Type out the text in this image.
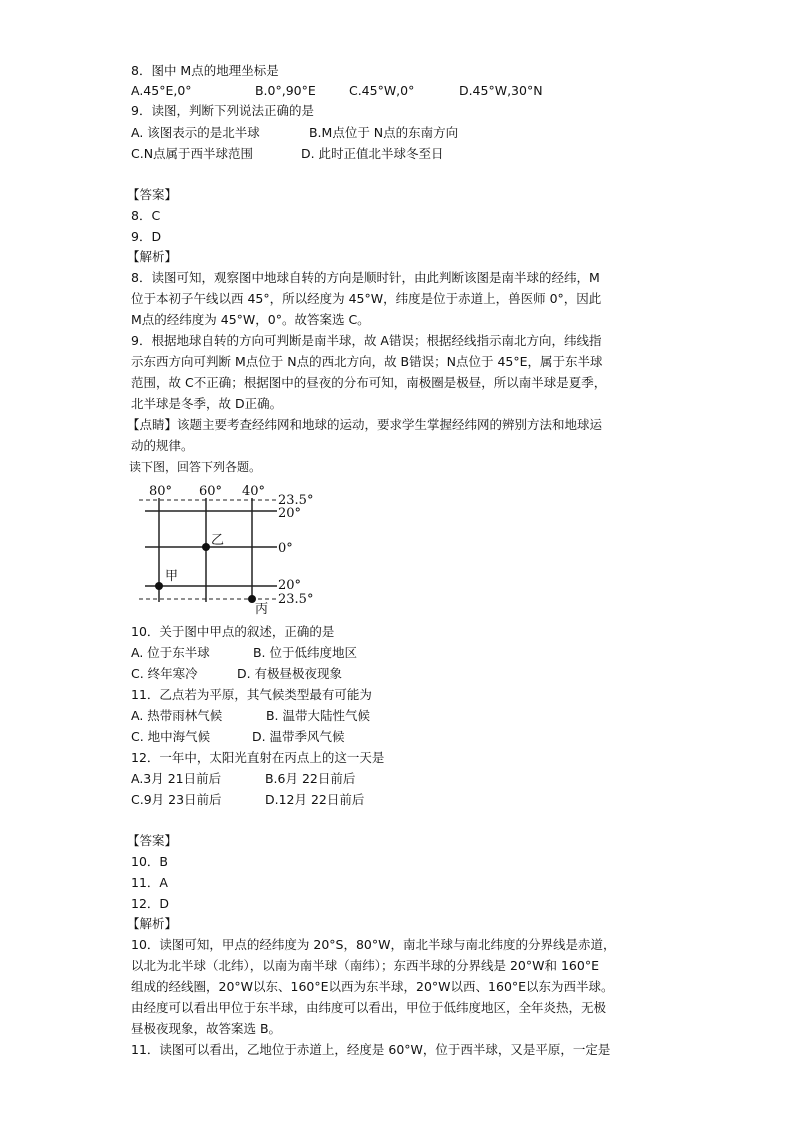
8．图中 M点的地理坐标是

A.45°E,0°	B.0°,90°E	C.45°W,0°	D.45°W,30°N

9．读图，判断下列说法正确的是

A. 该图表示的是北半球	B.M点位于 N点的东南方向
C.N点属于西半球范围	D. 此时正值北半球冬至日

【答案】

8．C

9．D

【解析】

8．读图可知，观察图中地球自转的方向是顺时针，由此判断该图是南半球的经纬，M

位于本初子午线以西 45°，所以经度为 45°W，纬度是位于赤道上，兽医师 0°，因此

M点的经纬度为 45°W，0°。故答案选 C。

9．根据地球自转的方向可判断是南半球，故 A错误；根据经线指示南北方向，纬线指

示东西方向可判断 M点位于 N点的西北方向，故 B错误；N点位于 45°E，属于东半球

范围，故 C不正确；根据图中的昼夜的分布可知，南极圈是极昼，所以南半球是夏季，

北半球是冬季，故 D正确。

【点睛】该题主要考查经纬网和地球的运动，要求学生掌握经纬网的辨别方法和地球运

动的规律。

读下图，回答下列各题。

80° 60° 40°
23.5°
20°
0°
20°
23.5°
乙
甲
丙

10．关于图中甲点的叙述，正确的是

A. 位于东半球	B. 位于低纬度地区
C. 终年寒冷	D. 有极昼极夜现象

11．乙点若为平原，其气候类型最有可能为

A. 热带雨林气候	B. 温带大陆性气候
C. 地中海气候	D. 温带季风气候

12．一年中，太阳光直射在丙点上的这一天是

A.3月 21日前后	B.6月 22日前后
C.9月 23日前后	D.12月 22日前后

【答案】

10．B

11．A

12．D

【解析】

10．读图可知，甲点的经纬度为 20°S，80°W，南北半球与南北纬度的分界线是赤道，

以北为北半球（北纬），以南为南半球（南纬）；东西半球的分界线是 20°W和 160°E

组成的经线圈，20°W以东、160°E以西为东半球，20°W以西、160°E以东为西半球。

由经度可以看出甲位于东半球，由纬度可以看出，甲位于低纬度地区，全年炎热，无极

昼极夜现象，故答案选 B。

11．读图可以看出，乙地位于赤道上，经度是 60°W，位于西半球，又是平原，一定是
